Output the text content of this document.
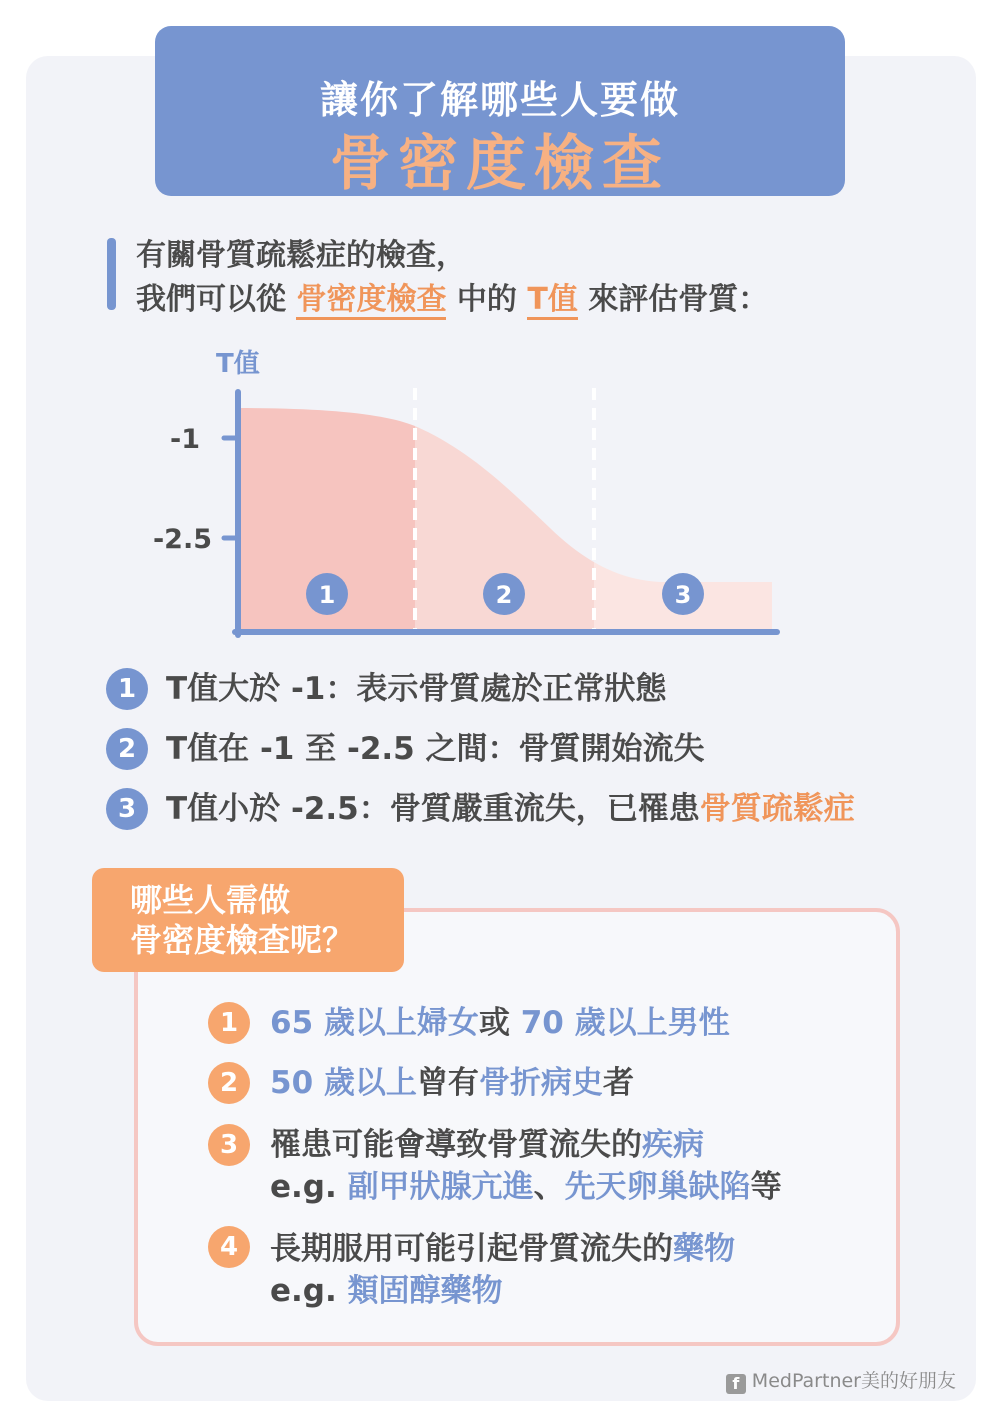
讓你了解哪些人要做
骨密度檢查
有關骨質疏鬆症的檢查，
我們可以從 骨密度檢查 中的 T值 來評估骨質：
T值
-1
-2.5
1	2	3
1 T值大於 -1：表示骨質處於正常狀態
2 T值在 -1 至 -2.5 之間：骨質開始流失
3 T值小於 -2.5：骨質嚴重流失，已罹患骨質疏鬆症
哪些人需做
骨密度檢查呢？
1	65 歲以上婦女或 70 歲以上男性
2	50 歲以上曾有骨折病史者
3	罹患可能會導致骨質流失的疾病
e.g. 副甲狀腺亢進、先天卵巢缺陷等
4	長期服用可能引起骨質流失的藥物
e.g. 類固醇藥物
f MedPartner美的好朋友
